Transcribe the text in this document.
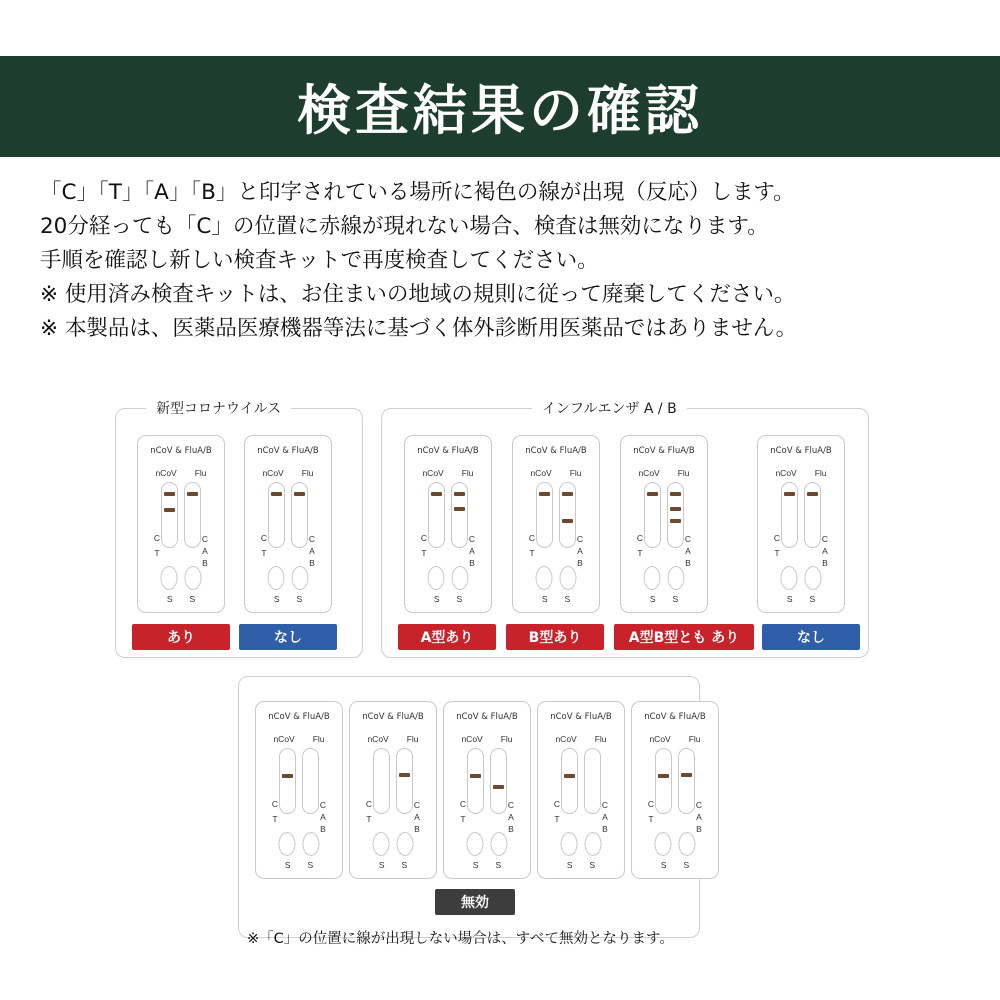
検査結果の確認

「C」「T」「A」「B」と印字されている場所に褐色の線が出現（反応）します。

20分経っても「C」の位置に赤線が現れない場合、検査は無効になります。

手順を確認し新しい検査キットで再度検査してください。

※ 使用済み検査キットは、お住まいの地域の規則に従って廃棄してください。

※ 本製品は、医薬品医療機器等法に基づく体外診断用医薬品ではありません。

新型コロナウイルス
nCoV & FluA/B
nCoV Flu
C
T
C
A
B
S S
nCoV & FluA/B
nCoV Flu
C
T
C
A
B
S S
あり	なし
インフルエンザ A / B
nCoV & FluA/B
nCoV Flu
C
T
C
A
B
S S
nCoV & FluA/B
nCoV Flu
C
T
C
A
B
S S
nCoV & FluA/B
nCoV Flu
C
T
C
A
B
S S
nCoV & FluA/B
nCoV Flu
C
T
C
A
B
S S
A型あり	B型あり	A型B型とも あり	なし
nCoV & FluA/B
nCoV Flu
C
T
C
A
B
S S
nCoV & FluA/B
nCoV Flu
C
T
C
A
B
S S
nCoV & FluA/B
nCoV Flu
C
T
C
A
B
S S
nCoV & FluA/B
nCoV Flu
C
T
C
A
B
S S
nCoV & FluA/B
nCoV Flu
C
T
C
A
B
S S
無効
※「C」の位置に線が出現しない場合は、すべて無効となります。
